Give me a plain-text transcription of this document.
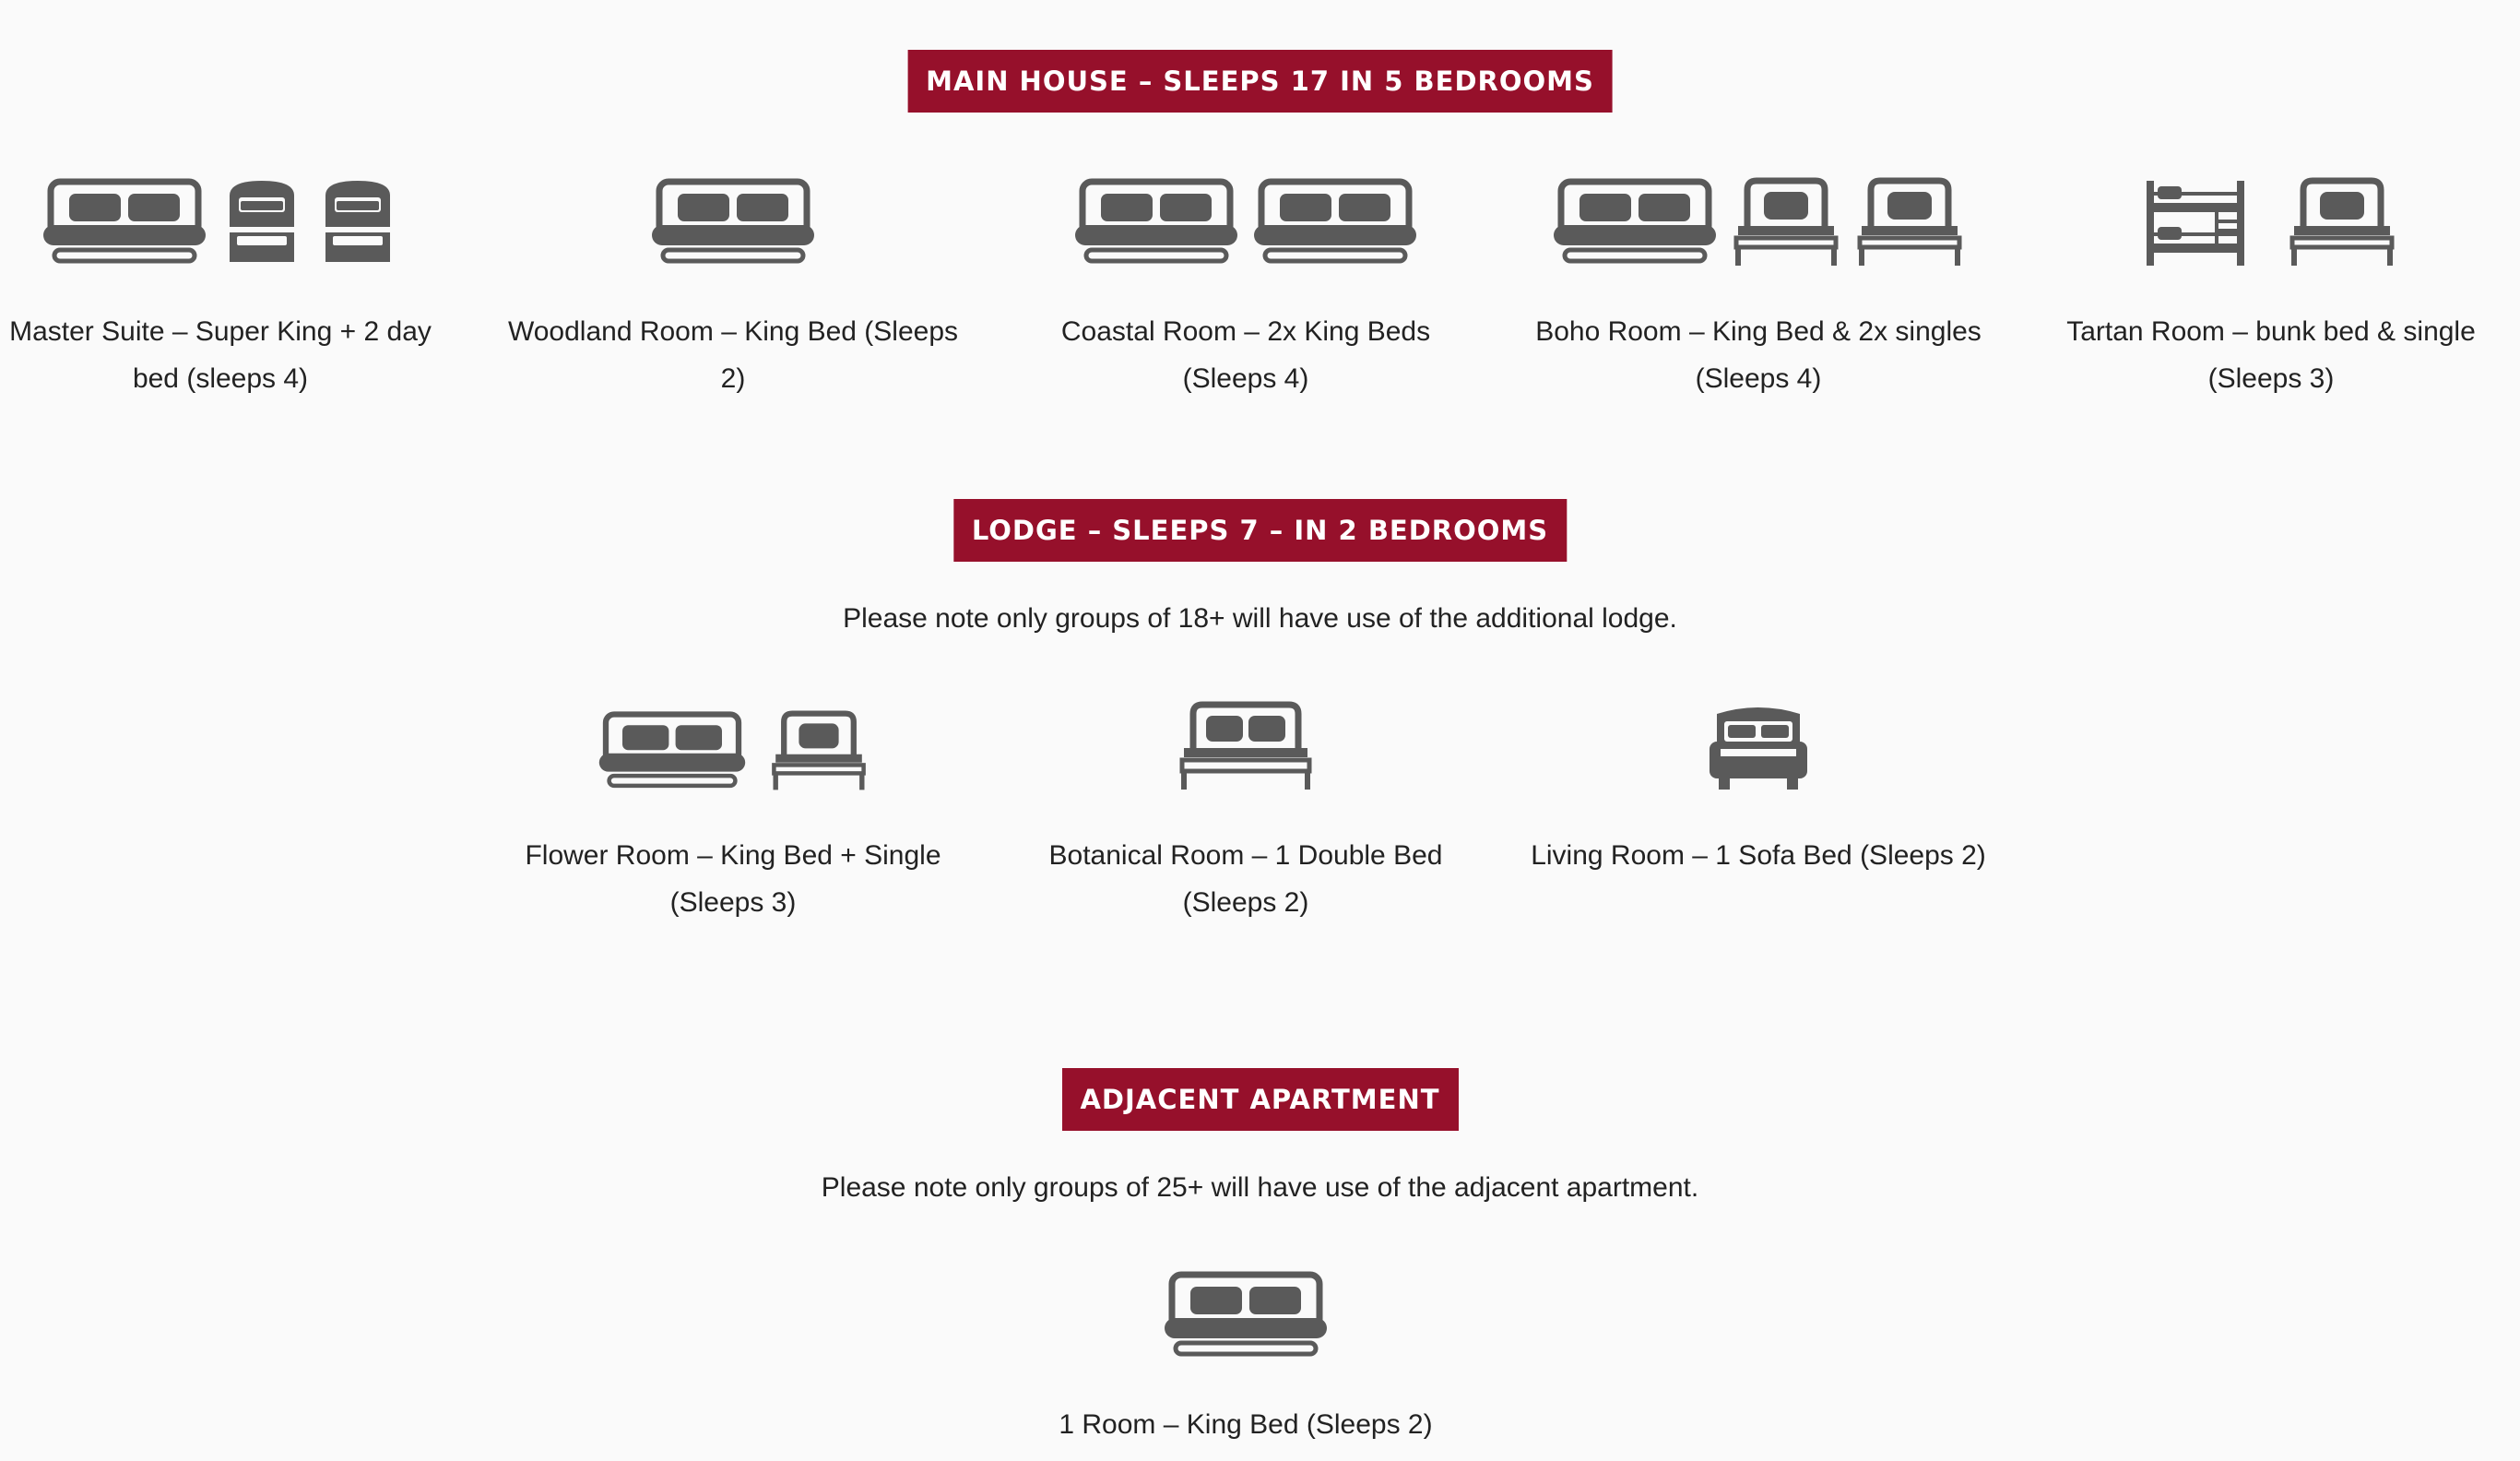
MAIN HOUSE – SLEEPS 17 IN 5 BEDROOMS
Master Suite – Super King + 2 day bed (sleeps 4)
Woodland Room – King Bed (Sleeps 2)
Coastal Room – 2x King Beds (Sleeps 4)
Boho Room – King Bed & 2x singles (Sleeps 4)
Tartan Room – bunk bed & single (Sleeps 3)
LODGE – SLEEPS 7 – IN 2 BEDROOMS
Please note only groups of 18+ will have use of the additional lodge.
Flower Room – King Bed + Single (Sleeps 3)
Botanical Room – 1 Double Bed (Sleeps 2)
Living Room – 1 Sofa Bed (Sleeps 2)
ADJACENT APARTMENT
Please note only groups of 25+ will have use of the adjacent apartment.
1 Room – King Bed (Sleeps 2)
